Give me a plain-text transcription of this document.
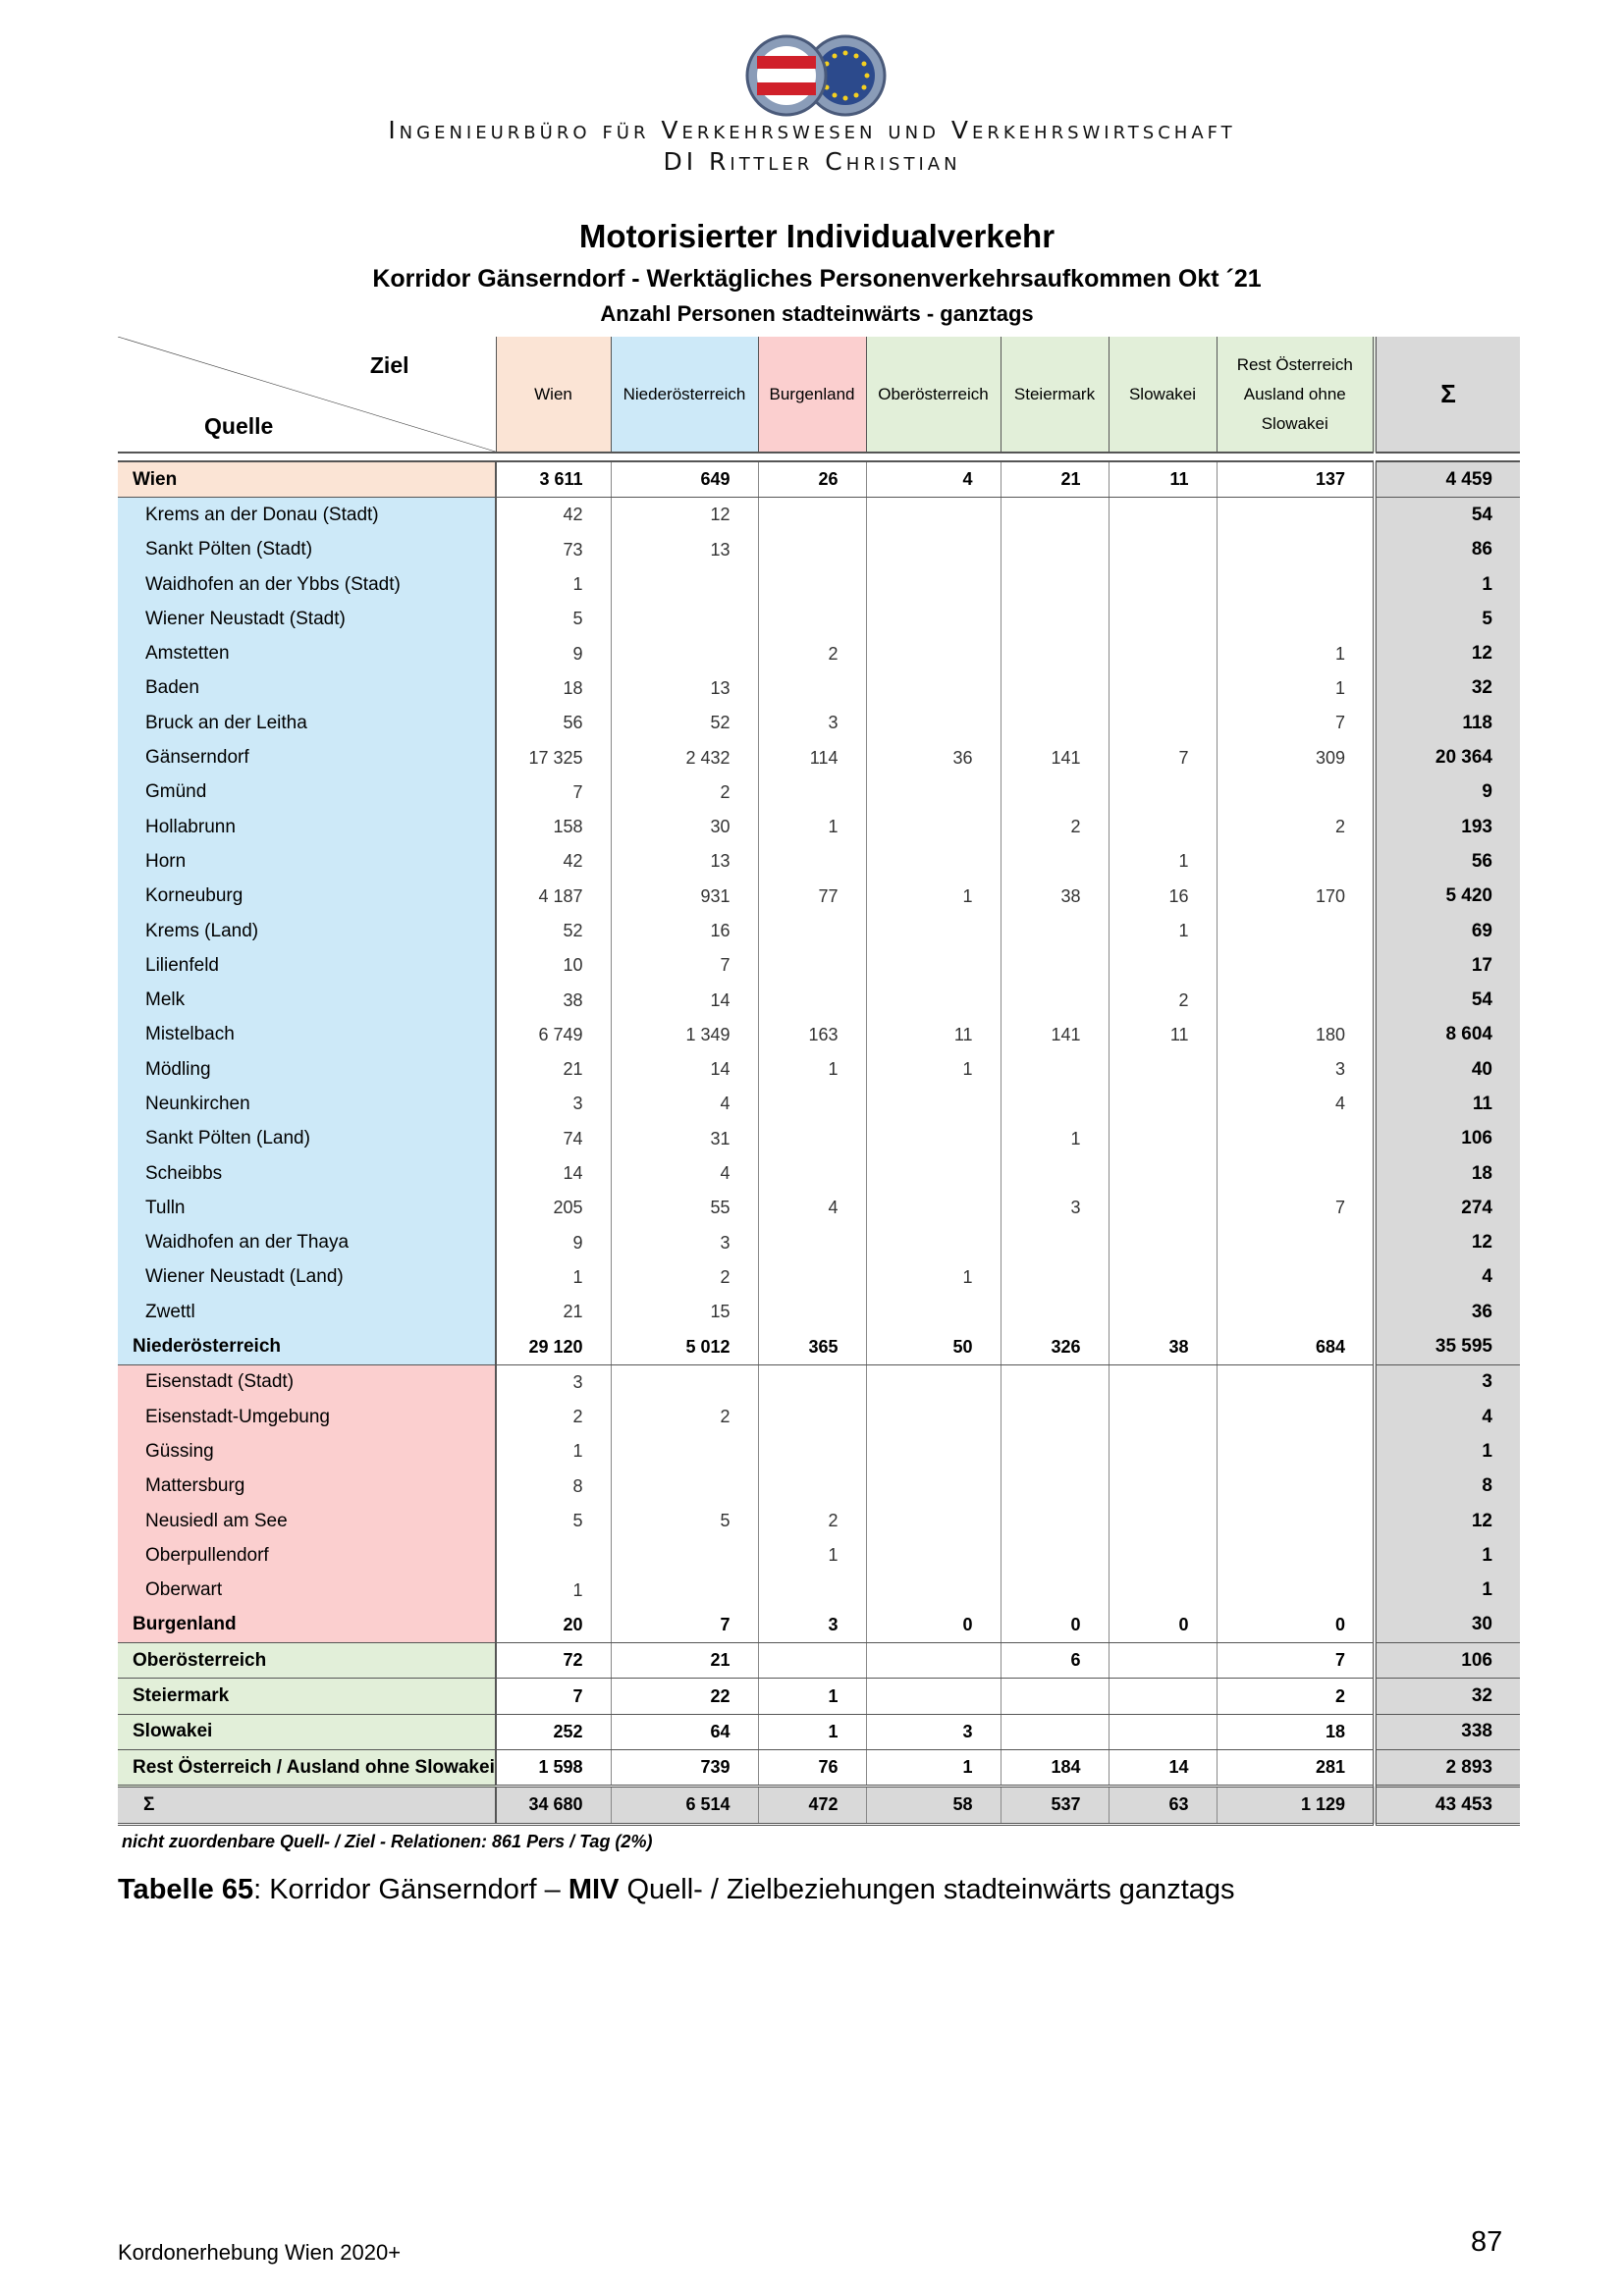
Ingenieurbüro für Verkehrswesen und Verkehrswirtschaft
DI Rittler Christian
Motorisierter Individualverkehr
Korridor Gänserndorf - Werktägliches Personenverkehrsaufkommen Okt ´21
Anzahl Personen stadteinwärts - ganztags
Ziel
Quelle	Wien	Niederösterreich	Burgenland	Oberösterreich	Steiermark	Slowakei	Rest Österreich Ausland ohne Slowakei	Σ

Wien	3 611	649	26	4	21	11	137	4 459
Krems an der Donau (Stadt)	42	12						54
Sankt Pölten (Stadt)	73	13						86
Waidhofen an der Ybbs (Stadt)	1							1
Wiener Neustadt (Stadt)	5							5
Amstetten	9		2				1	12
Baden	18	13					1	32
Bruck an der Leitha	56	52	3				7	118
Gänserndorf	17 325	2 432	114	36	141	7	309	20 364
Gmünd	7	2						9
Hollabrunn	158	30	1		2		2	193
Horn	42	13				1		56
Korneuburg	4 187	931	77	1	38	16	170	5 420
Krems (Land)	52	16				1		69
Lilienfeld	10	7						17
Melk	38	14				2		54
Mistelbach	6 749	1 349	163	11	141	11	180	8 604
Mödling	21	14	1	1			3	40
Neunkirchen	3	4					4	11
Sankt Pölten (Land)	74	31			1			106
Scheibbs	14	4						18
Tulln	205	55	4		3		7	274
Waidhofen an der Thaya	9	3						12
Wiener Neustadt (Land)	1	2		1				4
Zwettl	21	15						36
Niederösterreich	29 120	5 012	365	50	326	38	684	35 595
Eisenstadt (Stadt)	3							3
Eisenstadt-Umgebung	2	2						4
Güssing	1							1
Mattersburg	8							8
Neusiedl am See	5	5	2					12
Oberpullendorf			1					1
Oberwart	1							1
Burgenland	20	7	3	0	0	0	0	30
Oberösterreich	72	21			6		7	106
Steiermark	7	22	1				2	32
Slowakei	252	64	1	3			18	338
Rest Österreich / Ausland ohne Slowakei	1 598	739	76	1	184	14	281	2 893
Σ	34 680	6 514	472	58	537	63	1 129	43 453
nicht zuordenbare Quell- / Ziel - Relationen: 861 Pers / Tag (2%)
Tabelle 65: Korridor Gänserndorf – MIV Quell- / Zielbeziehungen stadteinwärts ganztags
Kordonerhebung Wien 2020+	87
